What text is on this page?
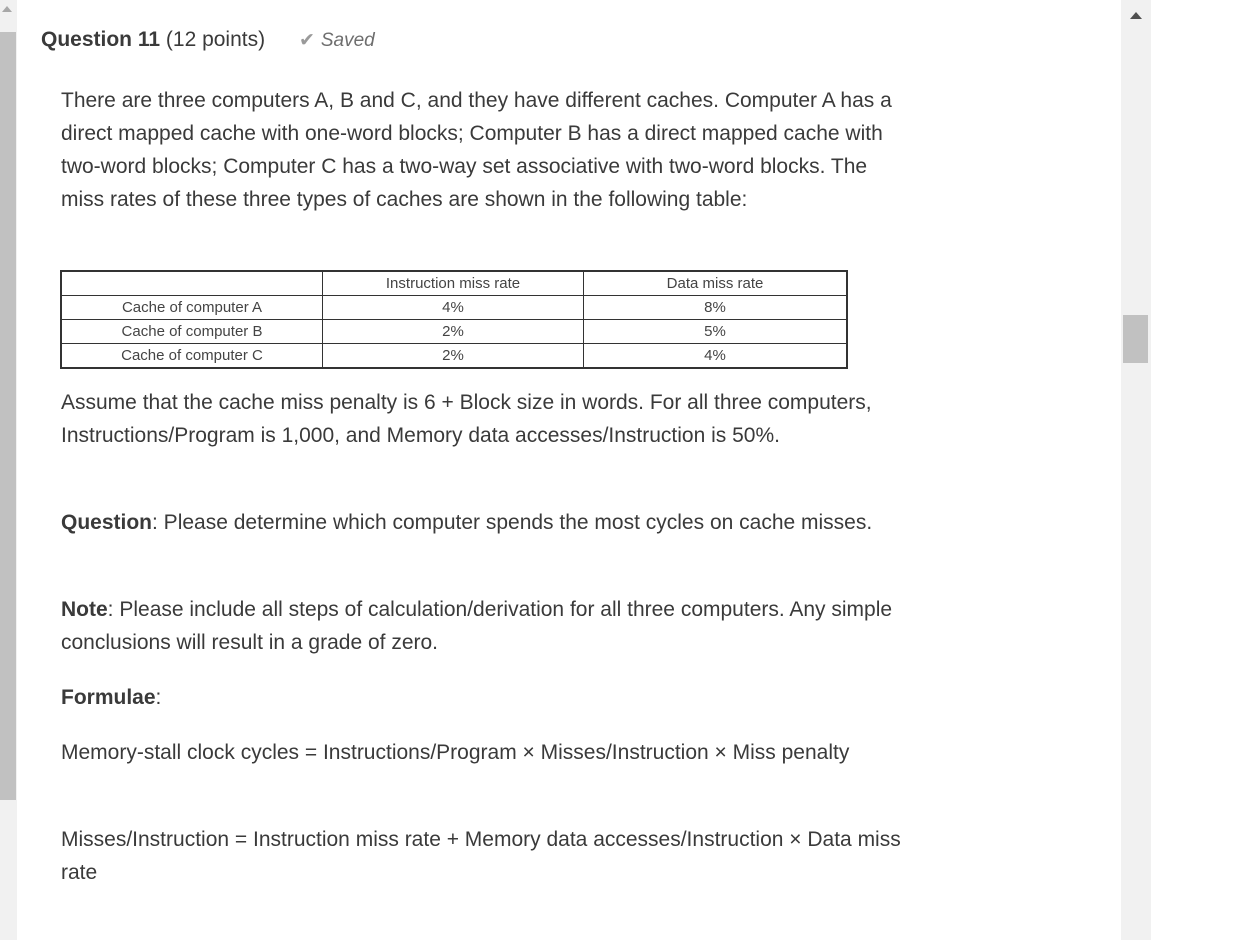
Question 11 (12 points) ✔ Saved
There are three computers A, B and C, and they have different caches. Computer A has a direct mapped cache with one-word blocks; Computer B has a direct mapped cache with two-word blocks; Computer C has a two-way set associative with two-word blocks. The miss rates of these three types of caches are shown in the following table:
	Instruction miss rate	Data miss rate
Cache of computer A	4%	8%
Cache of computer B	2%	5%
Cache of computer C	2%	4%
Assume that the cache miss penalty is 6 + Block size in words. For all three computers, Instructions/Program is 1,000, and Memory data accesses/Instruction is 50%.
Question: Please determine which computer spends the most cycles on cache misses.
Note: Please include all steps of calculation/derivation for all three computers. Any simple conclusions will result in a grade of zero.
Formulae:
Memory-stall clock cycles = Instructions/Program × Misses/Instruction × Miss penalty
Misses/Instruction = Instruction miss rate + Memory data accesses/Instruction × Data miss rate
